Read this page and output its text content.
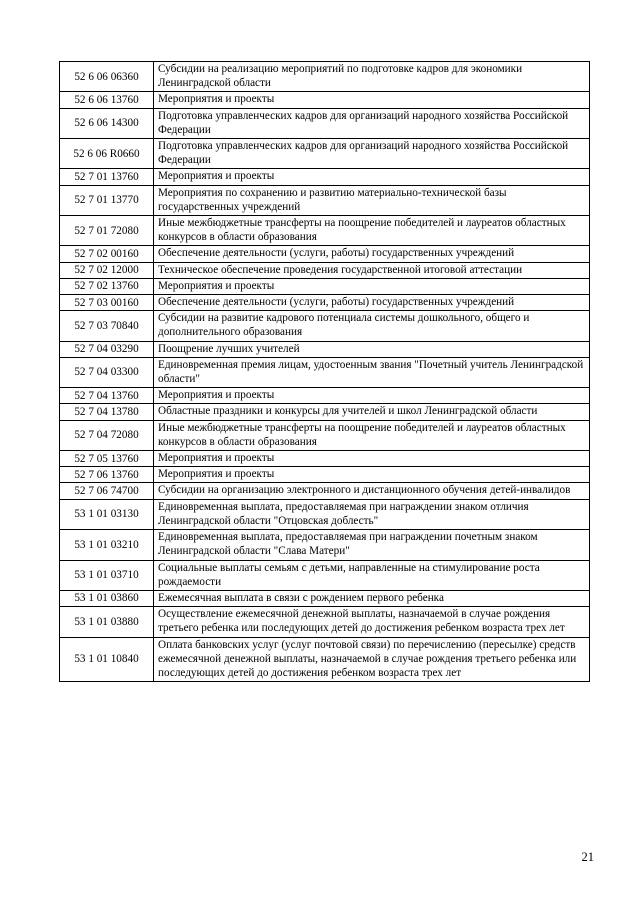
52 6 06 06360	Субсидии на реализацию мероприятий по подготовке кадров для экономики Ленинградской области
52 6 06 13760	Мероприятия и проекты
52 6 06 14300	Подготовка управленческих кадров для организаций народного хозяйства Российской Федерации
52 6 06 R0660	Подготовка управленческих кадров для организаций народного хозяйства Российской Федерации
52 7 01 13760	Мероприятия и проекты
52 7 01 13770	Мероприятия по сохранению и развитию материально-технической базы государственных учреждений
52 7 01 72080	Иные межбюджетные трансферты на поощрение победителей и лауреатов областных конкурсов в области образования
52 7 02 00160	Обеспечение деятельности (услуги, работы) государственных учреждений
52 7 02 12000	Техническое обеспечение проведения государственной итоговой аттестации
52 7 02 13760	Мероприятия и проекты
52 7 03 00160	Обеспечение деятельности (услуги, работы) государственных учреждений
52 7 03 70840	Субсидии на развитие кадрового потенциала системы дошкольного, общего и дополнительного образования
52 7 04 03290	Поощрение лучших учителей
52 7 04 03300	Единовременная премия лицам, удостоенным звания "Почетный учитель Ленинградской области"
52 7 04 13760	Мероприятия и проекты
52 7 04 13780	Областные праздники и конкурсы для учителей и школ Ленинградской области
52 7 04 72080	Иные межбюджетные трансферты на поощрение победителей и лауреатов областных конкурсов в области образования
52 7 05 13760	Мероприятия и проекты
52 7 06 13760	Мероприятия и проекты
52 7 06 74700	Субсидии на организацию электронного и дистанционного обучения детей-инвалидов
53 1 01 03130	Единовременная выплата, предоставляемая при награждении знаком отличия Ленинградской области "Отцовская доблесть"
53 1 01 03210	Единовременная выплата, предоставляемая при награждении почетным знаком Ленинградской области "Слава Матери"
53 1 01 03710	Социальные выплаты семьям с детьми, направленные на стимулирование роста рождаемости
53 1 01 03860	Ежемесячная выплата в связи с рождением первого ребенка
53 1 01 03880	Осуществление ежемесячной денежной выплаты, назначаемой в случае рождения третьего ребенка или последующих детей до достижения ребенком возраста трех лет
53 1 01 10840	Оплата банковских услуг (услуг почтовой связи) по перечислению (пересылке) средств ежемесячной денежной выплаты, назначаемой в случае рождения третьего ребенка или последующих детей до достижения ребенком возраста трех лет
21
